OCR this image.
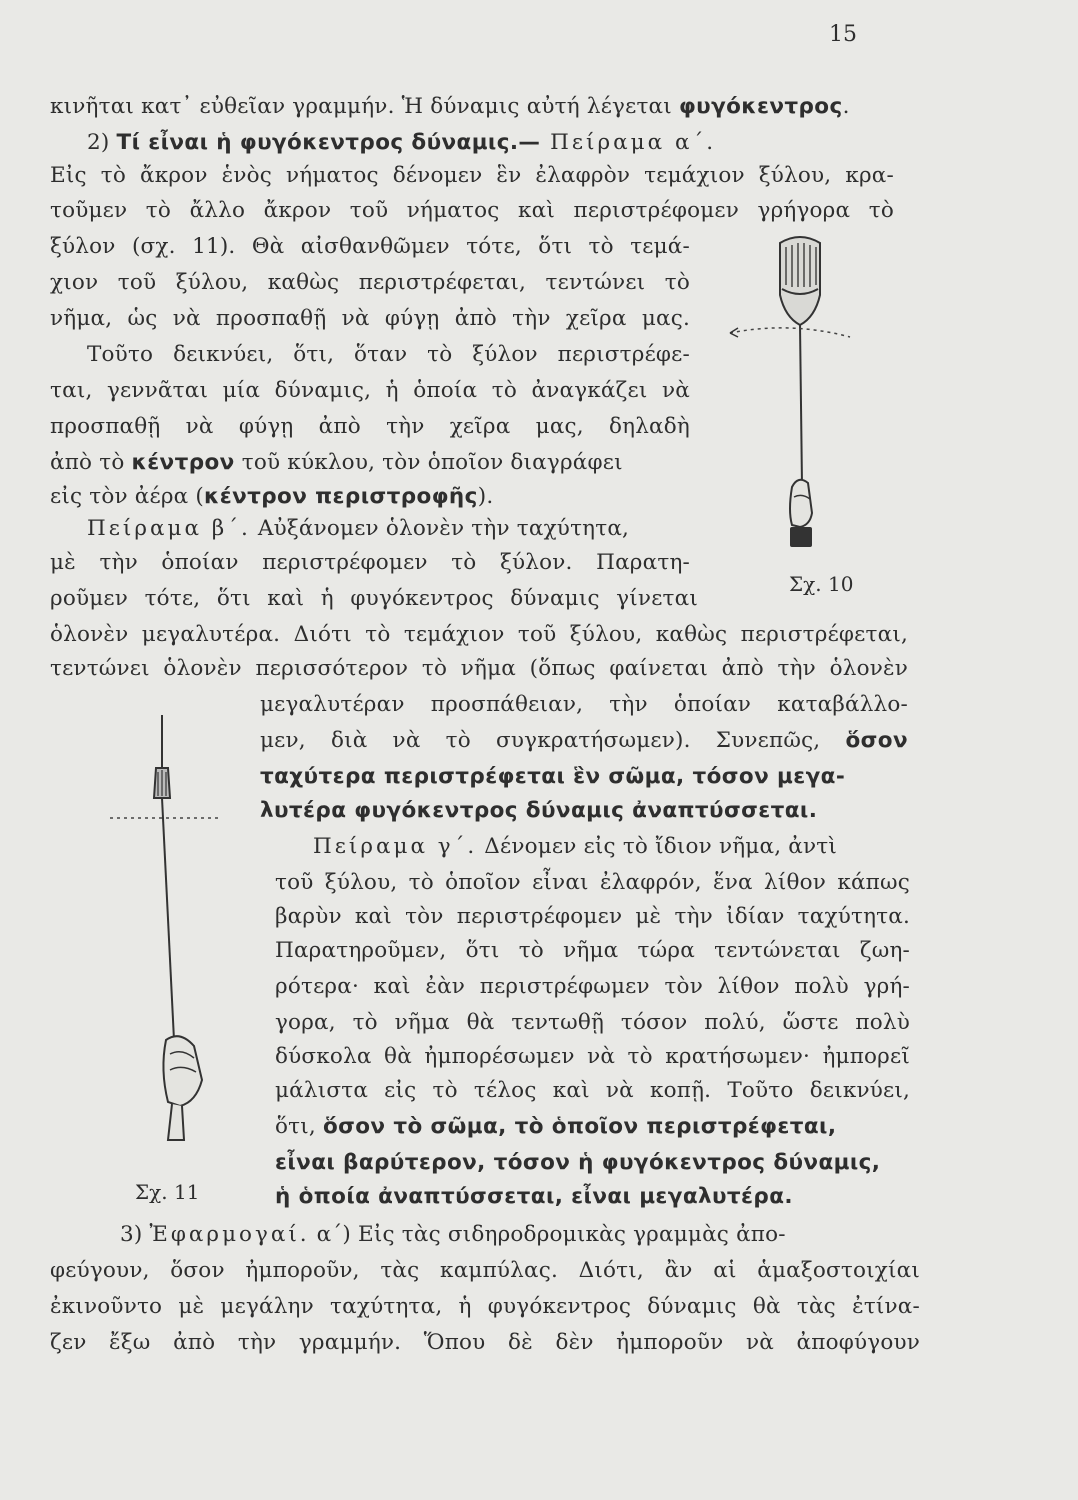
15
κινῆται κατ᾽ εὐθεῖαν γραμμήν. Ἡ δύναμις αὐτή λέγεται φυγόκεντρος.
2) Τί εἶναι ἡ φυγόκεντρος δύναμις.— Πείραμα α΄.
Εἰς τὸ ἄκρον ἑνὸς νήματος δένομεν ἓν ἐλαφρὸν τεμάχιον ξύλου, κρα-
τοῦμεν τὸ ἄλλο ἄκρον τοῦ νήματος καὶ περιστρέφομεν γρήγορα τὸ
ξύλον (σχ. 11). Θὰ αἰσθανθῶμεν τότε, ὅτι τὸ τεμά-
χιον τοῦ ξύλου, καθὼς περιστρέφεται, τεντώνει τὸ
νῆμα, ὡς νὰ προσπαθῇ νὰ φύγῃ ἀπὸ τὴν χεῖρα μας.
Τοῦτο δεικνύει, ὅτι, ὅταν τὸ ξύλον περιστρέφε-
ται, γεννᾶται μία δύναμις, ἡ ὁποία τὸ ἀναγκάζει νὰ
προσπαθῇ νὰ φύγῃ ἀπὸ τὴν χεῖρα μας, δηλαδὴ
ἀπὸ τὸ κέντρον τοῦ κύκλου, τὸν ὁποῖον διαγράφει
εἰς τὸν ἀέρα (κέντρον περιστροφῆς).
Πείραμα β΄. Αὐξάνομεν ὁλονὲν τὴν ταχύτητα,
μὲ τὴν ὁποίαν περιστρέφομεν τὸ ξύλον. Παρατη-
ροῦμεν τότε, ὅτι καὶ ἡ φυγόκεντρος δύναμις γίνεται
ὁλονὲν μεγαλυτέρα. Διότι τὸ τεμάχιον τοῦ ξύλου, καθὼς περιστρέφεται,
τεντώνει ὁλονὲν περισσότερον τὸ νῆμα (ὅπως φαίνεται ἀπὸ τὴν ὁλονὲν
μεγαλυτέραν προσπάθειαν, τὴν ὁποίαν καταβάλλο-
μεν, διὰ νὰ τὸ συγκρατήσωμεν). Συνεπῶς, ὅσον
ταχύτερα περιστρέφεται ἓν σῶμα, τόσον μεγα-
λυτέρα φυγόκεντρος δύναμις ἀναπτύσσεται.
Πείραμα γ΄. Δένομεν εἰς τὸ ἴδιον νῆμα, ἀντὶ
τοῦ ξύλου, τὸ ὁποῖον εἶναι ἐλαφρόν, ἕνα λίθον κάπως
βαρὺν καὶ τὸν περιστρέφομεν μὲ τὴν ἰδίαν ταχύτητα.
Παρατηροῦμεν, ὅτι τὸ νῆμα τώρα τεντώνεται ζωη-
ρότερα· καὶ ἐὰν περιστρέφωμεν τὸν λίθον πολὺ γρή-
γορα, τὸ νῆμα θὰ τεντωθῇ τόσον πολύ, ὥστε πολὺ
δύσκολα θὰ ἠμπορέσωμεν νὰ τὸ κρατήσωμεν· ἠμπορεῖ
μάλιστα εἰς τὸ τέλος καὶ νὰ κοπῇ. Τοῦτο δεικνύει,
ὅτι, ὅσον τὸ σῶμα, τὸ ὁποῖον περιστρέφεται,
εἶναι βαρύτερον, τόσον ἡ φυγόκεντρος δύναμις,
ἡ ὁποία ἀναπτύσσεται, εἶναι μεγαλυτέρα.
3) Ἐφαρμογαί. α΄) Εἰς τὰς σιδηροδρομικὰς γραμμὰς ἀπο-
φεύγουν, ὅσον ἠμποροῦν, τὰς καμπύλας. Διότι, ἂν αἱ ἁμαξοστοιχίαι
ἐκινοῦντο μὲ μεγάλην ταχύτητα, ἡ φυγόκεντρος δύναμις θὰ τὰς ἐτίνα-
ζεν ἔξω ἀπὸ τὴν γραμμήν. Ὅπου δὲ δὲν ἠμποροῦν νὰ ἀποφύγουν
Σχ. 10
Σχ. 11
